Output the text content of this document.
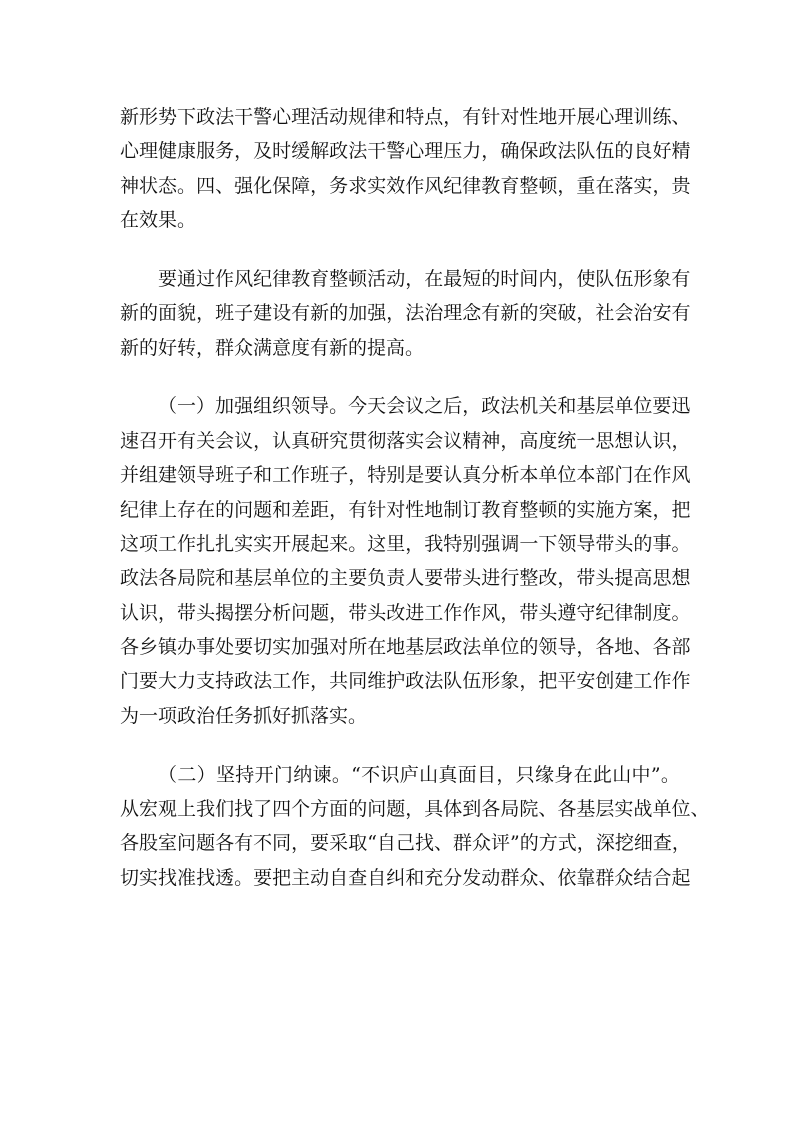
新 形 势 下 政 法 干 警 心 理 活 动 规 律 和 特 点 ， 有 针 对 性 地 开 展 心 理 训 练 、
心 理 健 康 服 务 ， 及 时 缓 解 政 法 干 警 心 理 压 力 ， 确 保 政 法 队 伍 的 良 好 精
神 状 态 。 四 、 强 化 保 障 ， 务 求 实 效 作 风 纪 律 教 育 整 顿 ， 重 在 落 实 ， 贵
在效果。
要 通 过 作 风 纪 律 教 育 整 顿 活 动 ， 在 最 短 的 时 间 内 ， 使 队 伍 形 象 有
新 的 面 貌 ， 班 子 建 设 有 新 的 加 强 ， 法 治 理 念 有 新 的 突 破 ， 社 会 治 安 有
新的好转，群众满意度有新的提高。
（ 一 ） 加 强 组 织 领 导 。 今 天 会 议 之 后 ， 政 法 机 关 和 基 层 单 位 要 迅
速 召 开 有 关 会 议 ， 认 真 研 究 贯 彻 落 实 会 议 精 神 ， 高 度 统 一 思 想 认 识 ，
并 组 建 领 导 班 子 和 工 作 班 子 ， 特 别 是 要 认 真 分 析 本 单 位 本 部 门 在 作 风
纪 律 上 存 在 的 问 题 和 差 距 ， 有 针 对 性 地 制 订 教 育 整 顿 的 实 施 方 案 ， 把
这 项 工 作 扎 扎 实 实 开 展 起 来 。 这 里 ， 我 特 别 强 调 一 下 领 导 带 头 的 事 。
政 法 各 局 院 和 基 层 单 位 的 主 要 负 责 人 要 带 头 进 行 整 改 ， 带 头 提 高 思 想
认 识 ， 带 头 揭 摆 分 析 问 题 ， 带 头 改 进 工 作 作 风 ， 带 头 遵 守 纪 律 制 度 。
各 乡 镇 办 事 处 要 切 实 加 强 对 所 在 地 基 层 政 法 单 位 的 领 导 ， 各 地 、 各 部
门 要 大 力 支 持 政 法 工 作 ， 共 同 维 护 政 法 队 伍 形 象 ， 把 平 安 创 建 工 作 作
为一项政治任务抓好抓落实。
（ 二 ） 坚 持 开 门 纳 谏 。 “ 不 识 庐 山 真 面 目 ， 只 缘 身 在 此 山 中 ” 。
从 宏 观 上 我 们 找 了 四 个 方 面 的 问 题 ， 具 体 到 各 局 院 、 各 基 层 实 战 单 位 、
各 股 室 问 题 各 有 不 同 ， 要 采 取 “ 自 己 找 、 群 众 评 ” 的 方 式 ， 深 挖 细 查 ，
切 实 找 准 找 透 。 要 把 主 动 自 查 自 纠 和 充 分 发 动 群 众 、 依 靠 群 众 结 合 起
